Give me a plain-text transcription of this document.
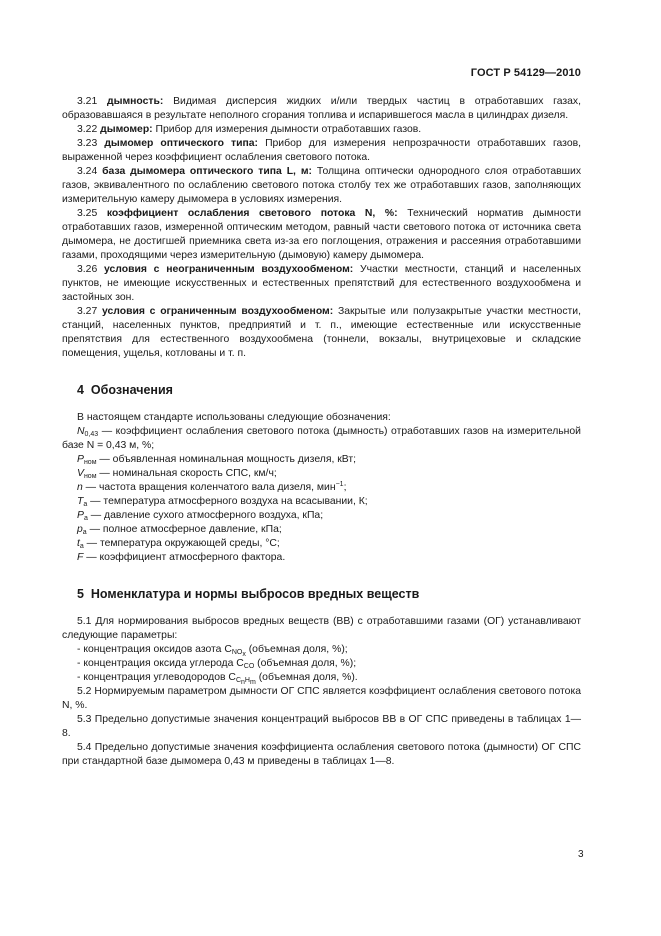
ГОСТ Р 54129—2010

3.21 дымность: Видимая дисперсия жидких и/или твердых частиц в отработавших газах, образовавшаяся в результате неполного сгорания топлива и испарившегося масла в цилиндрах дизеля.

3.22 дымомер: Прибор для измерения дымности отработавших газов.

3.23 дымомер оптического типа: Прибор для измерения непрозрачности отработавших газов, выраженной через коэффициент ослабления светового потока.

3.24 база дымомера оптического типа L, м: Толщина оптически однородного слоя отработавших газов, эквивалентного по ослаблению светового потока столбу тех же отработавших газов, заполняющих измерительную камеру дымомера в условиях измерения.

3.25 коэффициент ослабления светового потока N, %: Технический норматив дымности отработавших газов, измеренной оптическим методом, равный части светового потока от источника света дымомера, не достигшей приемника света из-за его поглощения, отражения и рассеяния отработавшими газами, проходящими через измерительную (дымовую) камеру дымомера.

3.26 условия с неограниченным воздухообменом: Участки местности, станций и населенных пунктов, не имеющие искусственных и естественных препятствий для естественного воздухообмена и застойных зон.

3.27 условия с ограниченным воздухообменом: Закрытые или полузакрытые участки местности, станций, населенных пунктов, предприятий и т. п., имеющие естественные или искусственные препятствия для естественного воздухообмена (тоннели, вокзалы, внутрицеховые и складские помещения, ущелья, котлованы и т. п.

4 Обозначения

В настоящем стандарте использованы следующие обозначения:

$N_{0,43}$ — коэффициент ослабления светового потока (дымность) отработавших газов на измерительной базе N = 0,43 м, %;

$P_{ном}$ — объявленная номинальная мощность дизеля, кВт;

$V_{ном}$ — номинальная скорость СПС, км/ч;

n — частота вращения коленчатого вала дизеля, мин$^{-1}$;

$T_a$ — температура атмосферного воздуха на всасывании, К;

$P_a$ — давление сухого атмосферного воздуха, кПа;

$p_a$ — полное атмосферное давление, кПа;

$t_a$ — температура окружающей среды, °С;

F — коэффициент атмосферного фактора.

5 Номенклатура и нормы выбросов вредных веществ

5.1 Для нормирования выбросов вредных веществ (ВВ) с отработавшими газами (ОГ) устанавливают следующие параметры:

- концентрация оксидов азота $С_{NO_x}$ (объемная доля, %);

- концентрация оксида углерода $С_{CO}$ (объемная доля, %);

- концентрация углеводородов $С_{C_nH_m}$ (объемная доля, %).

5.2 Нормируемым параметром дымности ОГ СПС является коэффициент ослабления светового потока N, %.

5.3 Предельно допустимые значения концентраций выбросов ВВ в ОГ СПС приведены в таблицах 1—8.

5.4 Предельно допустимые значения коэффициента ослабления светового потока (дымности) ОГ СПС при стандартной базе дымомера 0,43 м приведены в таблицах 1—8.

3
